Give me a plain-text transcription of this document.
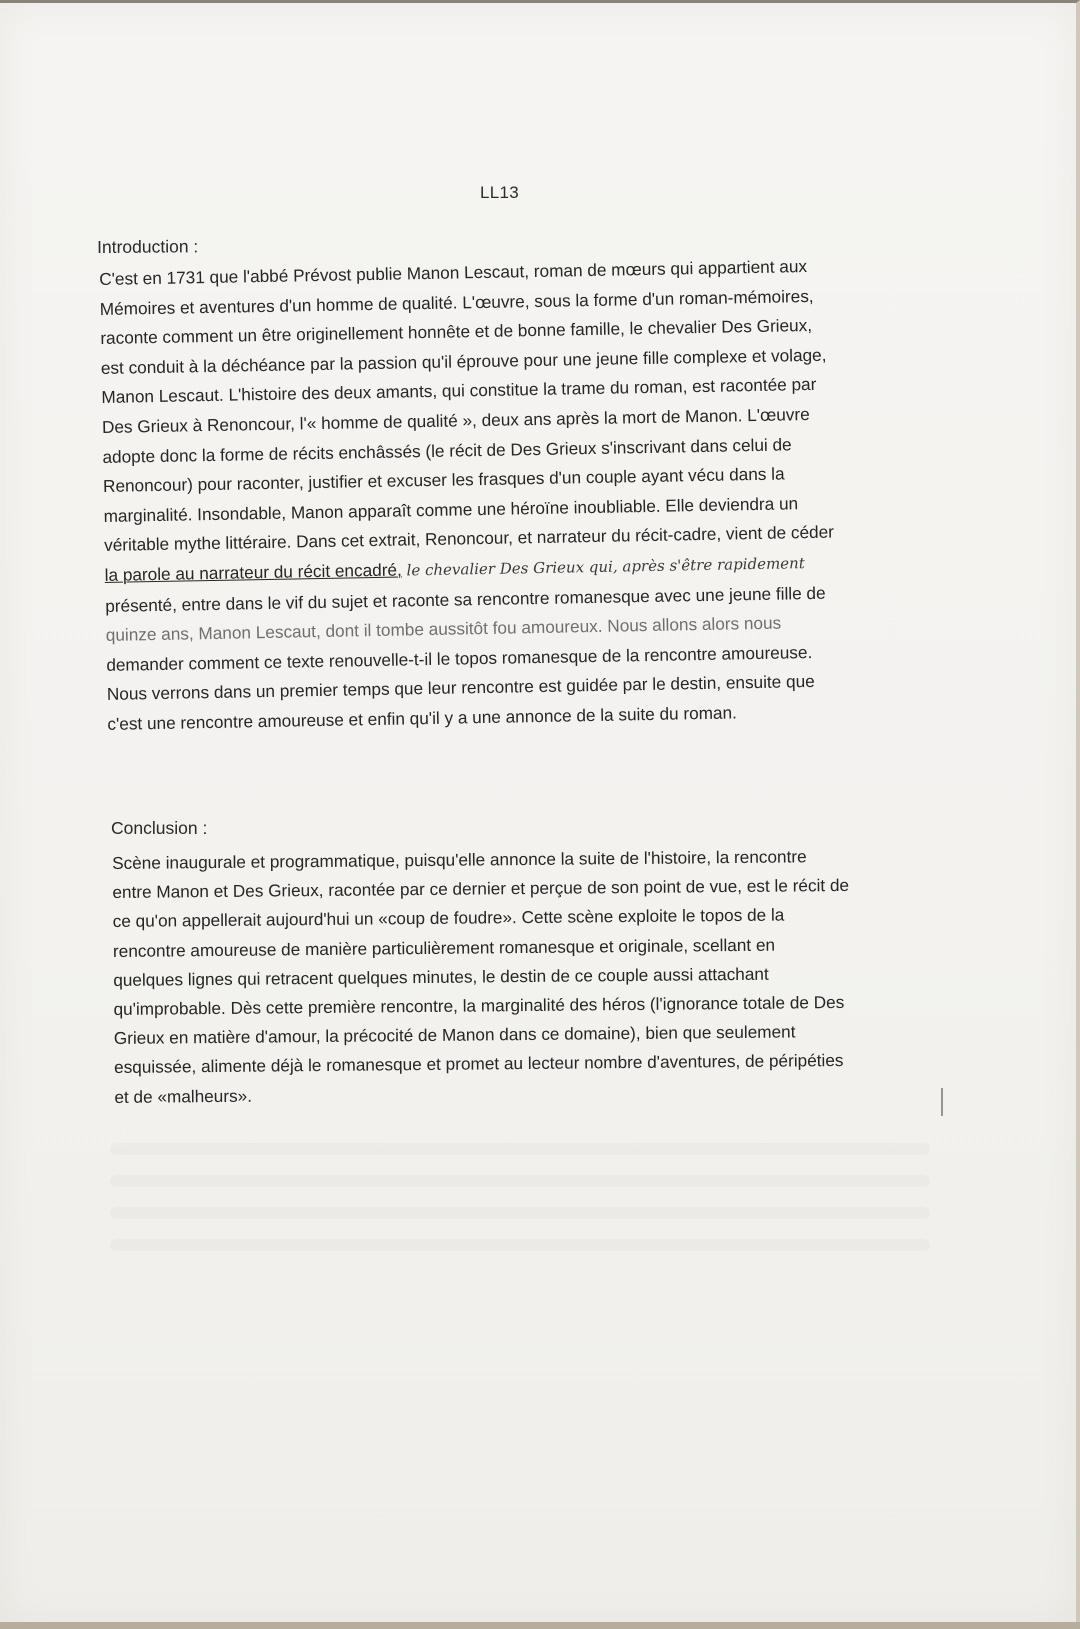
LL13
Introduction :

C'est en 1731 que l'abbé Prévost publie Manon Lescaut, roman de mœurs qui appartient aux
Mémoires et aventures d'un homme de qualité. L'œuvre, sous la forme d'un roman-mémoires,
raconte comment un être originellement honnête et de bonne famille, le chevalier Des Grieux,
est conduit à la déchéance par la passion qu'il éprouve pour une jeune fille complexe et volage,
Manon Lescaut. L'histoire des deux amants, qui constitue la trame du roman, est racontée par
Des Grieux à Renoncour, l'« homme de qualité », deux ans après la mort de Manon. L'œuvre
adopte donc la forme de récits enchâssés (le récit de Des Grieux s'inscrivant dans celui de
Renoncour) pour raconter, justifier et excuser les frasques d'un couple ayant vécu dans la
marginalité. Insondable, Manon apparaît comme une héroïne inoubliable. Elle deviendra un
véritable mythe littéraire. Dans cet extrait, Renoncour, et narrateur du récit-cadre, vient de céder
la parole au narrateur du récit encadré, le chevalier Des Grieux qui, après s'être rapidement
présenté, entre dans le vif du sujet et raconte sa rencontre romanesque avec une jeune fille de
quinze ans, Manon Lescaut, dont il tombe aussitôt fou amoureux. Nous allons alors nous
demander comment ce texte renouvelle-t-il le topos romanesque de la rencontre amoureuse.
Nous verrons dans un premier temps que leur rencontre est guidée par le destin, ensuite que
c'est une rencontre amoureuse et enfin qu'il y a une annonce de la suite du roman.

Conclusion :

Scène inaugurale et programmatique, puisqu'elle annonce la suite de l'histoire, la rencontre
entre Manon et Des Grieux, racontée par ce dernier et perçue de son point de vue, est le récit de
ce qu'on appellerait aujourd'hui un «coup de foudre». Cette scène exploite le topos de la
rencontre amoureuse de manière particulièrement romanesque et originale, scellant en
quelques lignes qui retracent quelques minutes, le destin de ce couple aussi attachant
qu'improbable. Dès cette première rencontre, la marginalité des héros (l'ignorance totale de Des
Grieux en matière d'amour, la précocité de Manon dans ce domaine), bien que seulement
esquissée, alimente déjà le romanesque et promet au lecteur nombre d'aventures, de péripéties
et de «malheurs».
